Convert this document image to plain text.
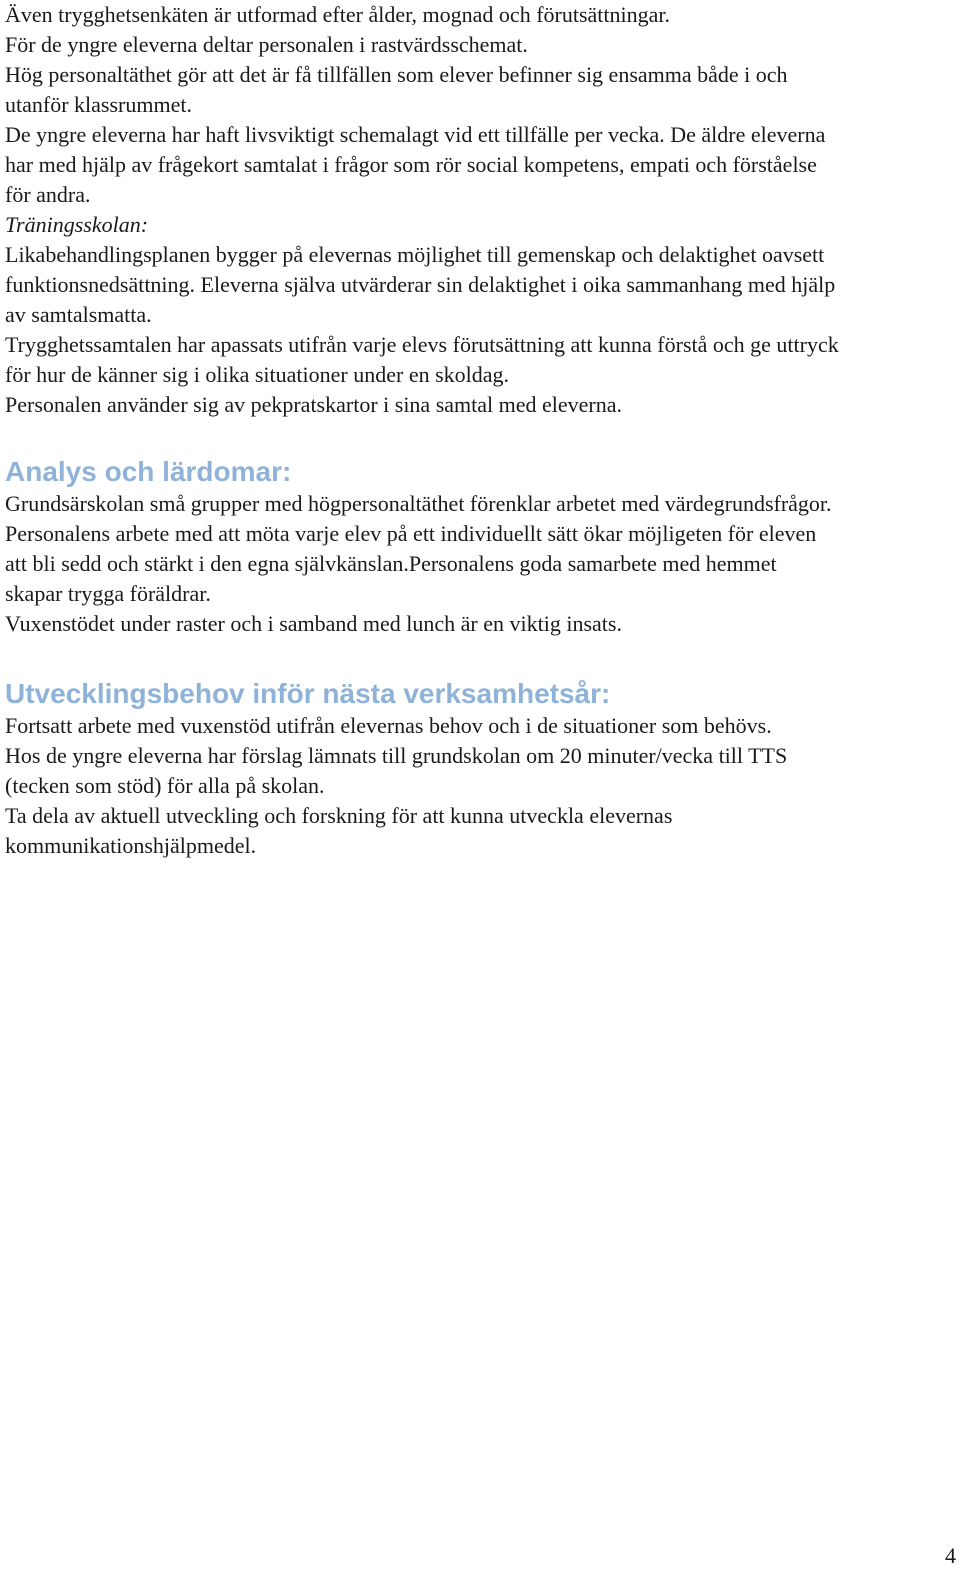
Även trygghetsenkäten är utformad efter ålder, mognad och förutsättningar.

För de yngre eleverna deltar personalen i rastvärdsschemat.

Hög personaltäthet gör att det är få tillfällen som elever befinner sig ensamma både i och

utanför klassrummet.

De yngre eleverna har haft livsviktigt schemalagt vid ett tillfälle per vecka. De äldre eleverna

har med hjälp av frågekort samtalat i frågor som rör social kompetens, empati och förståelse

för andra.

Träningsskolan:

Likabehandlingsplanen bygger på elevernas möjlighet till gemenskap och delaktighet oavsett

funktionsnedsättning. Eleverna själva utvärderar sin delaktighet i oika sammanhang med hjälp

av samtalsmatta.

Trygghetssamtalen har apassats utifrån varje elevs förutsättning att kunna förstå och ge uttryck

för hur de känner sig i olika situationer under en skoldag.

Personalen använder sig av pekpratskartor i sina samtal med eleverna.

Analys och lärdomar:

Grundsärskolan små grupper med högpersonaltäthet förenklar arbetet med värdegrundsfrågor.

Personalens arbete med att möta varje elev på ett individuellt sätt ökar möjligeten för eleven

att bli sedd och stärkt i den egna självkänslan.Personalens goda samarbete med hemmet

skapar trygga föräldrar.

Vuxenstödet under raster och i samband med lunch är en viktig insats.

Utvecklingsbehov inför nästa verksamhetsår:

Fortsatt arbete med vuxenstöd utifrån elevernas behov och i de situationer som behövs.

Hos de yngre eleverna har förslag lämnats till grundskolan om 20 minuter/vecka till TTS

(tecken som stöd) för alla på skolan.

Ta dela av aktuell utveckling och forskning för att kunna utveckla elevernas

kommunikationshjälpmedel.

4
